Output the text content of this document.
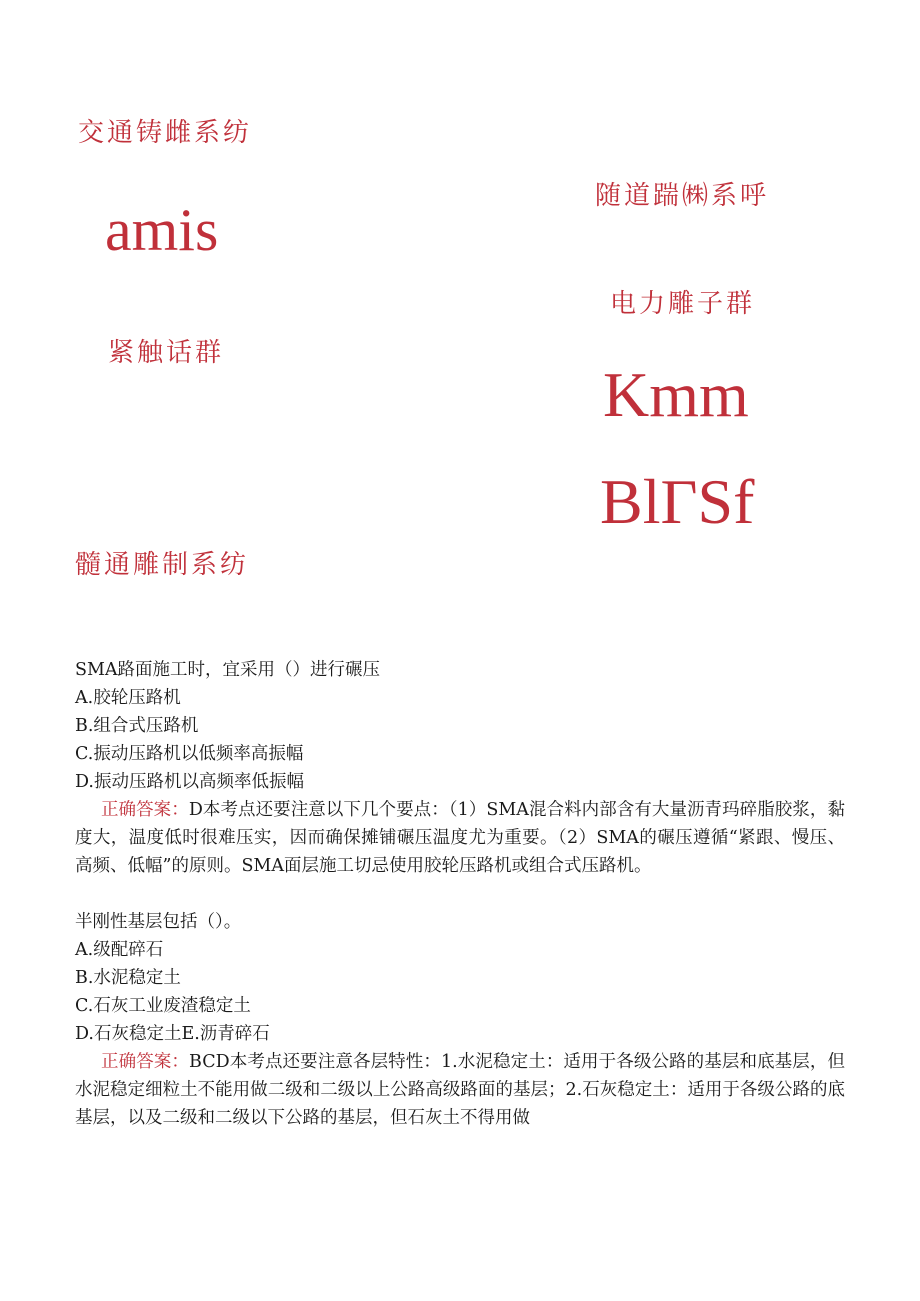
交通铸雌系纺
amis
紧触话群
髓通雕制系纺
随道踹㈱系呼
电力雕子群
Kmm
BlΓSf

SMA路面施工时，宜采用（）进行碾压

A.胶轮压路机

B.组合式压路机

C.振动压路机以低频率高振幅

D.振动压路机以高频率低振幅

正确答案：D本考点还要注意以下几个要点：（1）SMA混合料内部含有大量沥青玛碎脂胶浆，黏度大，温度低时很难压实，因而确保摊铺碾压温度尤为重要。（2）SMA的碾压遵循“紧跟、慢压、高频、低幅”的原则。SMA面层施工切忌使用胶轮压路机或组合式压路机。

半刚性基层包括（）。

A.级配碎石

B.水泥稳定土

C.石灰工业废渣稳定土

D.石灰稳定土E.沥青碎石

正确答案：BCD本考点还要注意各层特性：1.水泥稳定土：适用于各级公路的基层和底基层，但水泥稳定细粒土不能用做二级和二级以上公路高级路面的基层；2.石灰稳定土：适用于各级公路的底基层，以及二级和二级以下公路的基层，但石灰土不得用做
